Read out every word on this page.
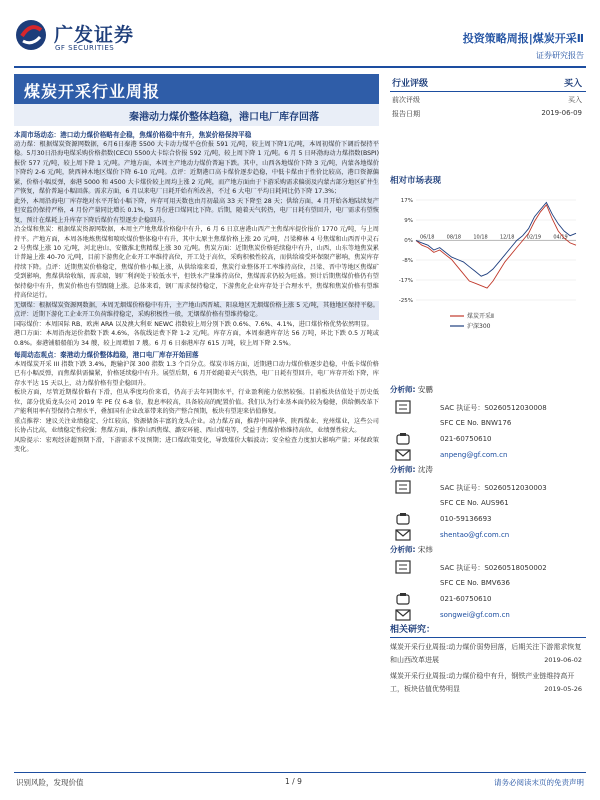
广发证券
GF SECURITIES
投资策略周报|煤炭开采Ⅱ
证券研究报告
煤炭开采行业周报
秦港动力煤价整体趋稳，港口电厂库存回落
本周市场动态：港口动力煤价格略有企稳，焦煤价格稳中有升，焦炭价格保持平稳
动力煤：根据煤炭资源网数据，6月6日秦港 5500 大卡动力煤平仓价报 591 元/吨，较上周下降1元/吨，本周初煤价下调后保持平稳。5月30日沿海电煤采购价格指数(CECI) 5500大卡综合价报 592 元/吨，较上周下降 1 元/吨。6 月 5 日环渤海动力煤指数(BSPI)报价 577 元/吨，较上周下降 1 元/吨。产地方面，本周主产地动力煤价普遍下跌。其中，山西各地煤价下降 3 元/吨，内蒙各地煤价下降约 2-6 元/吨，陕西神木地区煤价下降 6-10 元/吨。点评：近期港口高卡煤价逐步趋稳，中低卡煤由于性价比较高，港口资源偏紧，价格小幅反弹，秦港 5000 和 4500 大卡煤价较上周均上涨 2 元/吨，而产地方面由于下游采购需求偏弱及内蒙古部分地区矿井生产恢复，煤价普遍小幅回落。需求方面，6 月以来电厂日耗开始有所改善，不过 6 大电厂平均日耗同比仍下降 17.3%；
此外，本周沿海电厂库存绝对水平开始小幅下降，库存可用天数也由月初最高 33 天下降至 28 天；供给方面，4 月开始各地陆续复产但安监仍保持严格，4 月份产量同比增长 0.1%，5 月份进口煤同比下降。后期，随着天气转热，电厂日耗有望回升，电厂需求有望恢复，预计在煤耗上升库存下降后煤价有望逐步企稳回升。
冶金煤和焦炭：根据煤炭资源网数据，本周主产地焦煤价格稳中有升，6 月 6 日京唐港山西产主焦煤库提价报价 1770 元/吨，与上周持平。产地方面，本周各地炼焦煤和喷吹煤价整体稳中有升，其中太原主焦煤价格上涨 20 元/吨，吕梁柳林 4 号焦煤和山西晋中灵石 2 号焦煤上涨 10 元/吨，河北唐山、安徽淮北焦精煤上涨 30 元/吨。焦炭方面：近期焦炭价格延续稳中有升，山西、山东等地焦炭累计普遍上涨 40-70 元/吨，目前下游焦化企业开工率维持高位，开工处于高位，采购积极性较高，而供给端受环保限产影响，焦炭库存持续下降。点评：近期焦炭价格稳定，焦煤价格小幅上涨，从供给端来看，焦炭行业整体开工率维持高位，吕梁、晋中等地区焦煤矿受到影响，焦煤供给收缩，需求端，钢厂利润处于较低水平，但铁水产量维持高位，焦煤需求仍较为旺盛。预计后期焦煤价格仍有望保持稳中有升，焦炭价格也有望跟随上涨。总体来看，钢厂需求保持稳定，下游焦化企业库存处于合理水平，焦煤和焦炭价格有望维持高位运行。
无烟煤：根据煤炭资源网数据，本周无烟煤价格稳中有升，主产地山西晋城、阳泉地区无烟煤价格上涨 5 元/吨，其他地区保持平稳。点评：近期下游化工企业开工负荷维持稳定，采购积极性一般，无烟煤价格有望维持稳定。
国际煤价：本周国际 RB、欧洲 ARA 以及澳大利亚 NEWC 指数较上周分别下跌 0.6%、7.6%、4.1%，进口煤价格优势依然明显。
港口方面：本周沿海运价指数下跌 4.6%，各航线运费下降 1-2 元/吨。库存方面，本周秦港库存达 56 万吨，环比下跌 0.5 万吨或 0.8%。秦港铺船船舶为 34 艘，较上周增加 7 艘。6 月 6 日秦港库存 615 万吨，较上周下降 2.5%。
每周动态观点：秦港动力煤价整体趋稳，港口电厂库存开始回落
本周煤炭开采 III 指数下跌 3.4%，跑输沪深 300 指数 1.3 个百分点。煤炭市场方面，近期港口动力煤价格逐步趋稳，中低卡煤价格已有小幅反弹，而焦煤供需偏紧，价格延续稳中有升。展望后期，6 月开始随着天气转热，电厂日耗有望回升，电厂库存开始下降，库存水平达 15 天以上，动力煤价格有望企稳回升。
板块方面，尽管近期煤价略有下滑，但从季度均价来看，仍高于去年同期水平，行业盈利能力依然较强。目前板块估值处于历史低位，部分优质龙头公司 2019 年 PE 仅 6-8 倍，股息率较高，具备较高的配置价值。我们认为行业基本面仍较为稳健，供给侧改革下产能利用率有望保持合理水平，叠加国有企业改革带来的资产整合预期，板块有望迎来估值修复。
重点推荐：建议关注业绩稳定、分红较高、资源储备丰富的龙头企业。动力煤方面，推荐中国神华、陕西煤业、兖州煤业，这些公司长协占比高，业绩稳定性较强；焦煤方面，推荐山西焦煤、潞安环能、西山煤电等，受益于焦煤价格维持高位，业绩弹性较大。
风险提示：宏观经济超预期下滑，下游需求不及预期；进口煤政策变化，导致煤价大幅波动；安全检查力度加大影响产量；环保政策变化。
行业评级	买入
前次评级	买入
报告日期	2019-06-09
相对市场表现
17%
9%
0%
-8%
-17%
-25%
06/18 08/18 10/18 12/18 02/19 04/19
煤炭开采Ⅱ
沪深300
分析师: 安鹏
SAC 执证号：S0260512030008
SFC CE No. BNW176
021-60750610
anpeng@gf.com.cn
分析师: 沈涛
SAC 执证号：S0260512030003
SFC CE No. AUS961
010-59136693
shentao@gf.com.cn
分析师: 宋炜
SAC 执证号：S0260518050002
SFC CE No. BMV636
021-60750610
songwei@gf.com.cn
相关研究：
煤炭开采行业周报:动力煤价弱势回落，后期关注下游需求恢复和山西改革进展	2019-06-02
煤炭开采行业周报:动力煤价稳中有升，钢铁产业链维持高开工，板块估值优势明显	2019-05-26
识别风险，发现价值	1 / 9	请务必阅读末页的免责声明
